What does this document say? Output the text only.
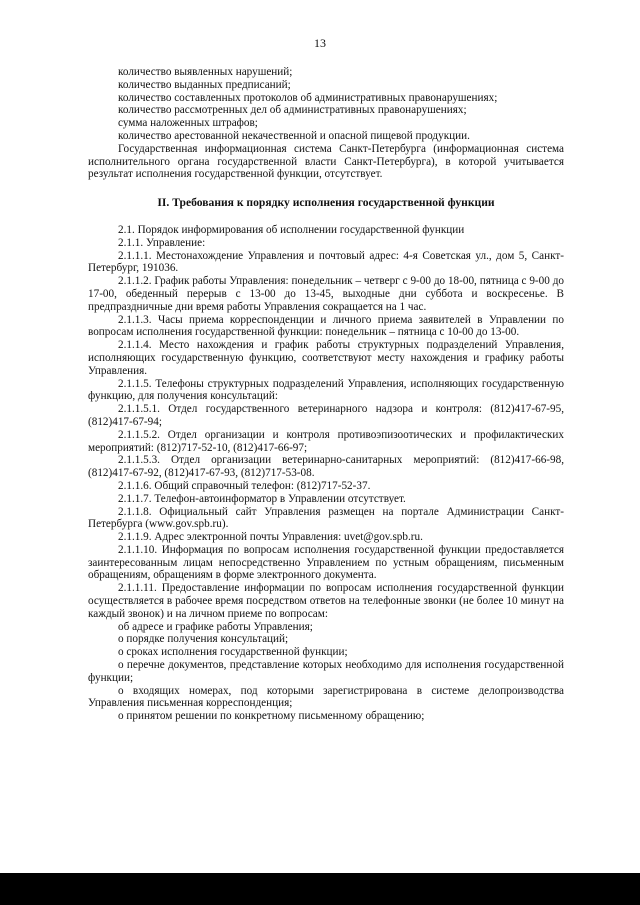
13

количество выявленных нарушений;

количество выданных предписаний;

количество составленных протоколов об административных правонарушениях;

количество рассмотренных дел об административных правонарушениях;

сумма наложенных штрафов;

количество арестованной некачественной и опасной пищевой продукции.

Государственная информационная система Санкт-Петербурга (информационная система исполнительного органа государственной власти Санкт-Петербурга), в которой учитывается результат исполнения государственной функции, отсутствует.

II. Требования к порядку исполнения государственной функции

2.1. Порядок информирования об исполнении государственной функции

2.1.1. Управление:

2.1.1.1. Местонахождение Управления и почтовый адрес: 4-я Советская ул., дом 5, Санкт-Петербург, 191036.

2.1.1.2. График работы Управления: понедельник – четверг с 9-00 до 18-00, пятница с 9-00 до 17-00, обеденный перерыв с 13-00 до 13-45, выходные дни суббота и воскресенье. В предпраздничные дни время работы Управления сокращается на 1 час.

2.1.1.3. Часы приема корреспонденции и личного приема заявителей в Управлении по вопросам исполнения государственной функции: понедельник – пятница с 10-00 до 13-00.

2.1.1.4. Место нахождения и график работы структурных подразделений Управления, исполняющих государственную функцию, соответствуют месту нахождения и графику работы Управления.

2.1.1.5. Телефоны структурных подразделений Управления, исполняющих государственную функцию, для получения консультаций:

2.1.1.5.1. Отдел государственного ветеринарного надзора и контроля: (812)417-67-95, (812)417-67-94;

2.1.1.5.2. Отдел организации и контроля противоэпизоотических и профилактических мероприятий: (812)717-52-10, (812)417-66-97;

2.1.1.5.3. Отдел организации ветеринарно-санитарных мероприятий: (812)417-66-98, (812)417-67-92, (812)417-67-93, (812)717-53-08.

2.1.1.6. Общий справочный телефон: (812)717-52-37.

2.1.1.7. Телефон-автоинформатор в Управлении отсутствует.

2.1.1.8. Официальный сайт Управления размещен на портале Администрации Санкт-Петербурга (www.gov.spb.ru).

2.1.1.9. Адрес электронной почты Управления: uvet@gov.spb.ru.

2.1.1.10. Информация по вопросам исполнения государственной функции предоставляется заинтересованным лицам непосредственно Управлением по устным обращениям, письменным обращениям, обращениям в форме электронного документа.

2.1.1.11. Предоставление информации по вопросам исполнения государственной функции осуществляется в рабочее время посредством ответов на телефонные звонки (не более 10 минут на каждый звонок) и на личном приеме по вопросам:

об адресе и графике работы Управления;

о порядке получения консультаций;

о сроках исполнения государственной функции;

о перечне документов, представление которых необходимо для исполнения государственной функции;

о входящих номерах, под которыми зарегистрирована в системе делопроизводства Управления письменная корреспонденция;

о принятом решении по конкретному письменному обращению;
